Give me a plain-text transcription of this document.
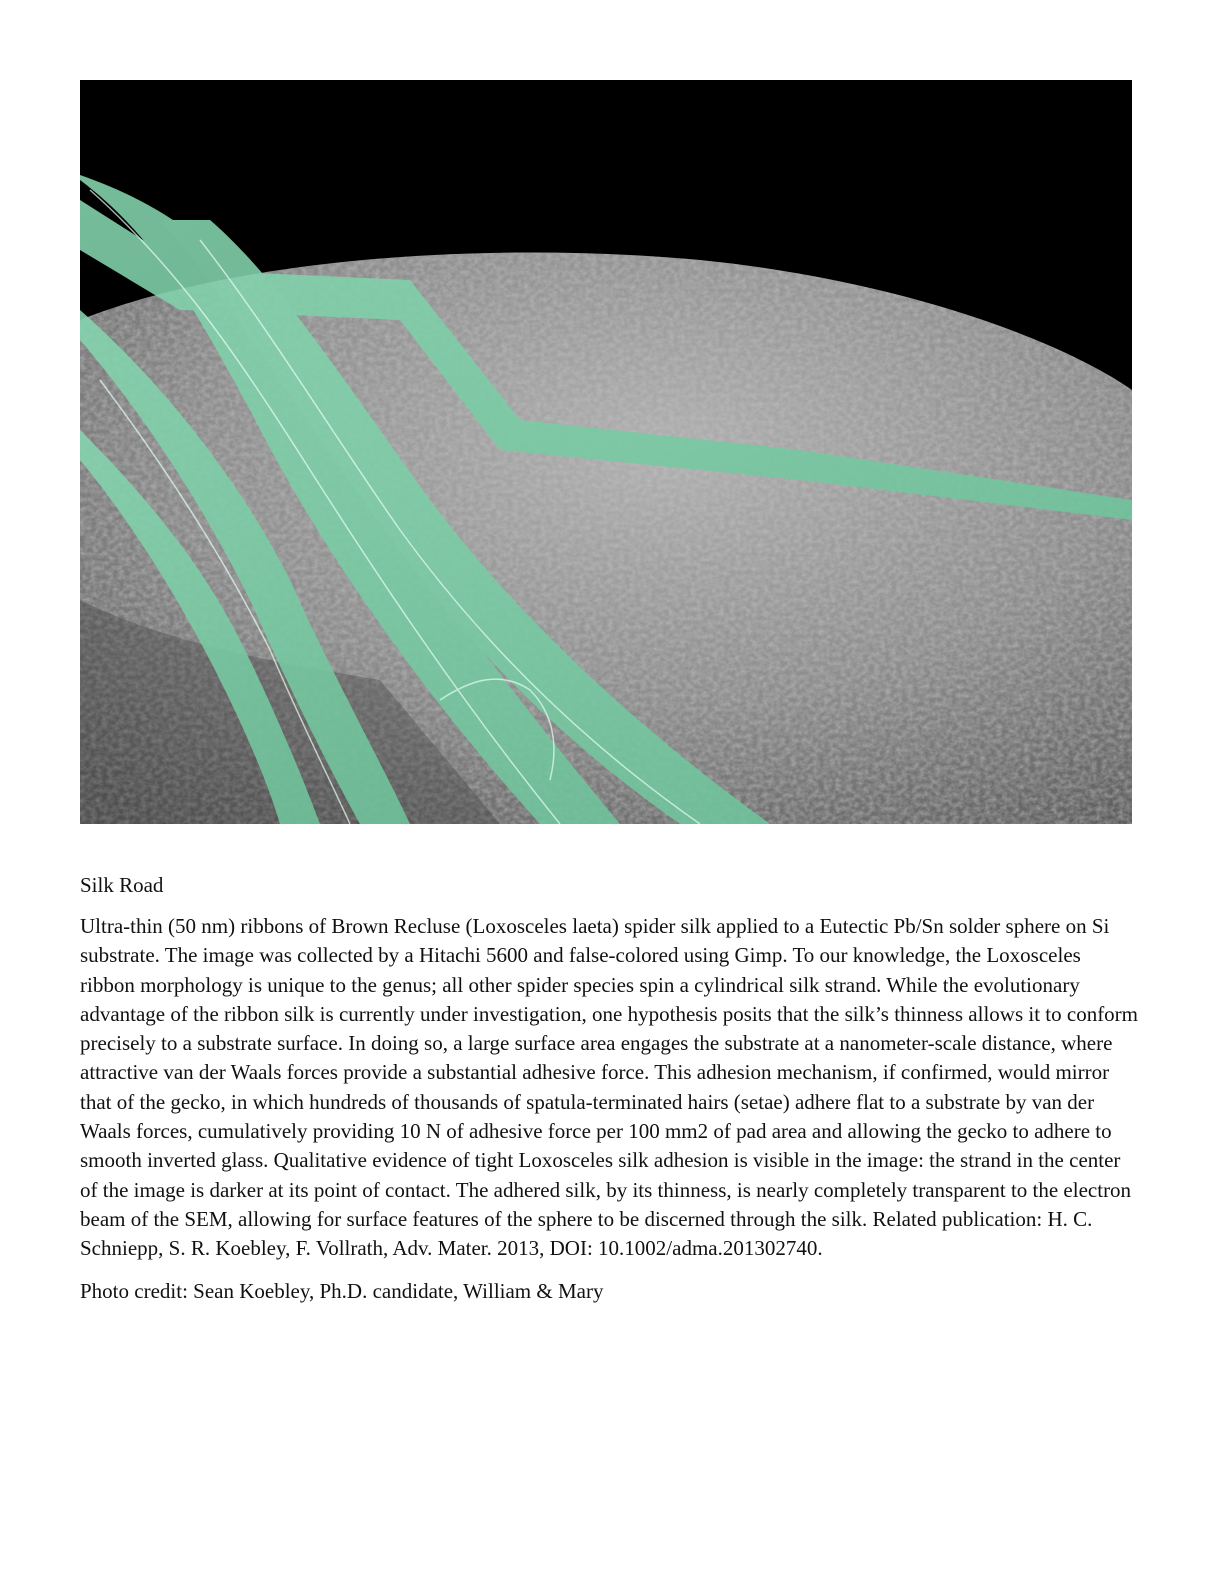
Silk Road

Ultra-thin (50 nm) ribbons of Brown Recluse (Loxosceles laeta) spider silk applied to a Eutectic Pb/Sn solder sphere on Si substrate. The image was collected by a Hitachi 5600 and false-colored using Gimp. To our knowledge, the Loxosceles ribbon morphology is unique to the genus; all other spider species spin a cylindrical silk strand. While the evolutionary advantage of the ribbon silk is currently under investigation, one hypothesis posits that the silk’s thinness allows it to conform precisely to a substrate surface. In doing so, a large surface area engages the substrate at a nanometer-scale distance, where attractive van der Waals forces provide a substantial adhesive force. This adhesion mechanism, if confirmed, would mirror that of the gecko, in which hundreds of thousands of spatula-terminated hairs (setae) adhere flat to a substrate by van der Waals forces, cumulatively providing 10 N of adhesive force per 100 mm2 of pad area and allowing the gecko to adhere to smooth inverted glass. Qualitative evidence of tight Loxosceles silk adhesion is visible in the image: the strand in the center of the image is darker at its point of contact. The adhered silk, by its thinness, is nearly completely transparent to the electron beam of the SEM, allowing for surface features of the sphere to be discerned through the silk. Related publication: H. C. Schniepp, S. R. Koebley, F. Vollrath, Adv. Mater. 2013, DOI: 10.1002/adma.201302740.

Photo credit: Sean Koebley, Ph.D. candidate, William & Mary
